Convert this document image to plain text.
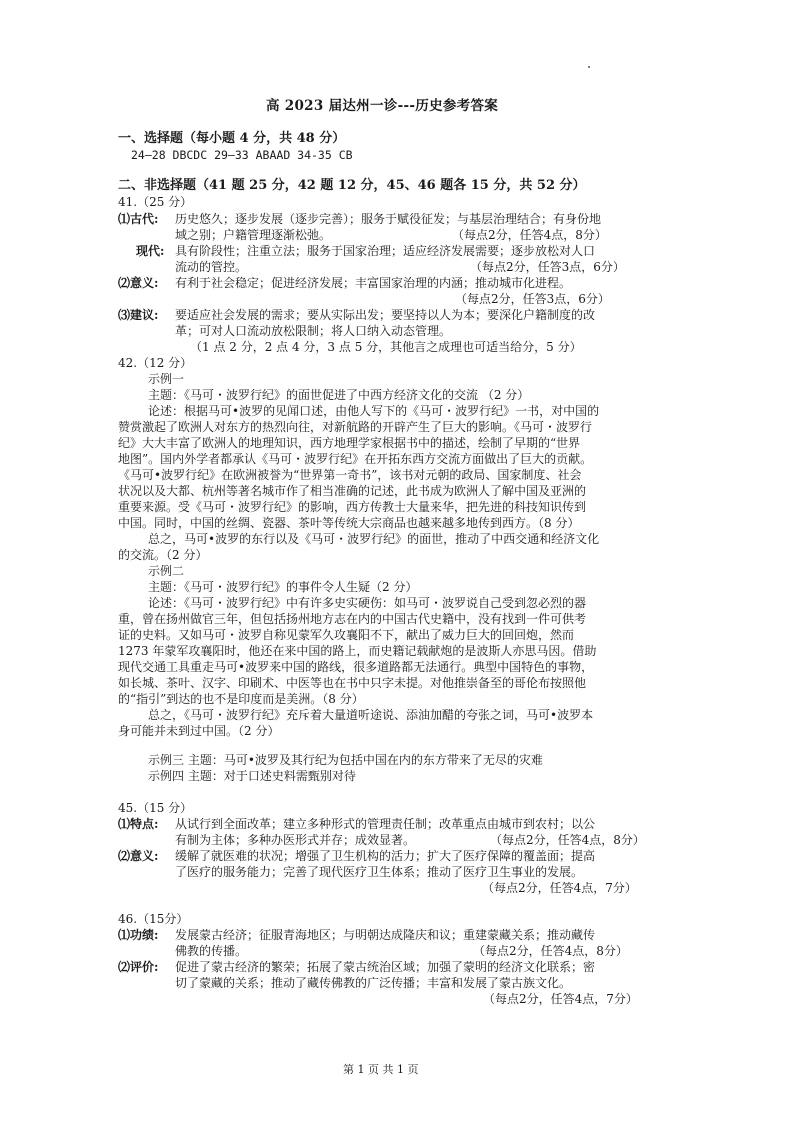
高 2023 届达州一诊---历史参考答案
一、选择题（每小题 4 分，共 48 分）
24—28 DBCDC 29—33 ABAAD 34-35 CB
二、非选择题（41 题 25 分，42 题 12 分，45、46 题各 15 分，共 52 分）
41.（25 分）
⑴古代: 历史悠久；逐步发展（逐步完善）；服务于赋役征发；与基层治理结合；有身份地
域之别；户籍管理逐渐松弛。	（每点2分，任答4点，8分）
现代: 具有阶段性；注重立法；服务于国家治理；适应经济发展需要；逐步放松对人口
流动的管控。	（每点2分，任答3点，6分）
⑵意义: 有利于社会稳定；促进经济发展；丰富国家治理的内涵；推动城市化进程。
（每点2分，任答3点，6分）
⑶建议: 要适应社会发展的需求；要从实际出发；要坚持以人为本；要深化户籍制度的改
革；可对人口流动放松限制；将人口纳入动态管理。
（1 点 2 分，2 点 4 分，3 点 5 分，其他言之成理也可适当给分，5 分）
42.（12 分）
示例一
主题：《马可・波罗行纪》的面世促进了中西方经济文化的交流 （2 分）
论述：根据马可•波罗的见闻口述，由他人写下的《马可・波罗行纪》一书，对中国的
赞赏激起了欧洲人对东方的热烈向往，对新航路的开辟产生了巨大的影响。《马可・波罗行
纪》大大丰富了欧洲人的地理知识，西方地理学家根据书中的描述，绘制了早期的“世界
地图”。国内外学者都承认《马可・波罗行纪》在开拓东西方交流方面做出了巨大的贡献。
《马可•波罗行纪》在欧洲被誉为“世界第一奇书”，该书对元朝的政局、国家制度、社会
状况以及大都、杭州等著名城市作了相当准确的记述，此书成为欧洲人了解中国及亚洲的
重要来源。受《马可・波罗行纪》的影响，西方传教士大量来华，把先进的科技知识传到
中国。同时，中国的丝绸、瓷器、茶叶等传统大宗商品也越来越多地传到西方。（8 分）
总之，马可•波罗的东行以及《马可・波罗行纪》的面世，推动了中西交通和经济文化
的交流。（2 分）
示例二
主题：《马可・波罗行纪》的事件令人生疑（2 分）
论述：《马可・波罗行纪》中有许多史实硬伤：如马可・波罗说自己受到忽必烈的器
重，曾在扬州做官三年，但包括扬州地方志在内的中国古代史籍中，没有找到一件可供考
证的史料。又如马可・波罗自称见蒙军久攻襄阳不下，献出了威力巨大的回回炮，然而
1273 年蒙军攻襄阳时，他还在来中国的路上，而史籍记载献炮的是波斯人亦思马因。借助
现代交通工具重走马可•波罗来中国的路线，很多道路都无法通行。典型中国特色的事物，
如长城、茶叶、汉字、印刷术、中医等也在书中只字未提。对他推崇备至的哥伦布按照他
的“指引”到达的也不是印度而是美洲。（8 分）
总之，《马可・波罗行纪》充斥着大量道听途说、添油加醋的夸张之词，马可•波罗本
身可能并未到过中国。（2 分）
示例三 主题：马可•波罗及其行纪为包括中国在内的东方带来了无尽的灾难
示例四 主题：对于口述史料需甄别对待
45.（15 分）
⑴特点: 从试行到全面改革；建立多种形式的管理责任制；改革重点由城市到农村；以公
有制为主体；多种办医形式并存；成效显著。	（每点2分，任答4点，8分）
⑵意义: 缓解了就医难的状况；增强了卫生机构的活力；扩大了医疗保障的覆盖面；提高
了医疗的服务能力；完善了现代医疗卫生体系；推动了医疗卫生事业的发展。
（每点2分，任答4点，7分）
46.（15分）
⑴功绩: 发展蒙古经济；征服青海地区；与明朝达成隆庆和议；重建蒙藏关系；推动藏传
佛教的传播。	（每点2分，任答4点，8分）
⑵评价: 促进了蒙古经济的繁荣；拓展了蒙古统治区域；加强了蒙明的经济文化联系；密
切了蒙藏的关系；推动了藏传佛教的广泛传播；丰富和发展了蒙古族文化。
（每点2分，任答4点，7分）
第 1 页 共 1 页
